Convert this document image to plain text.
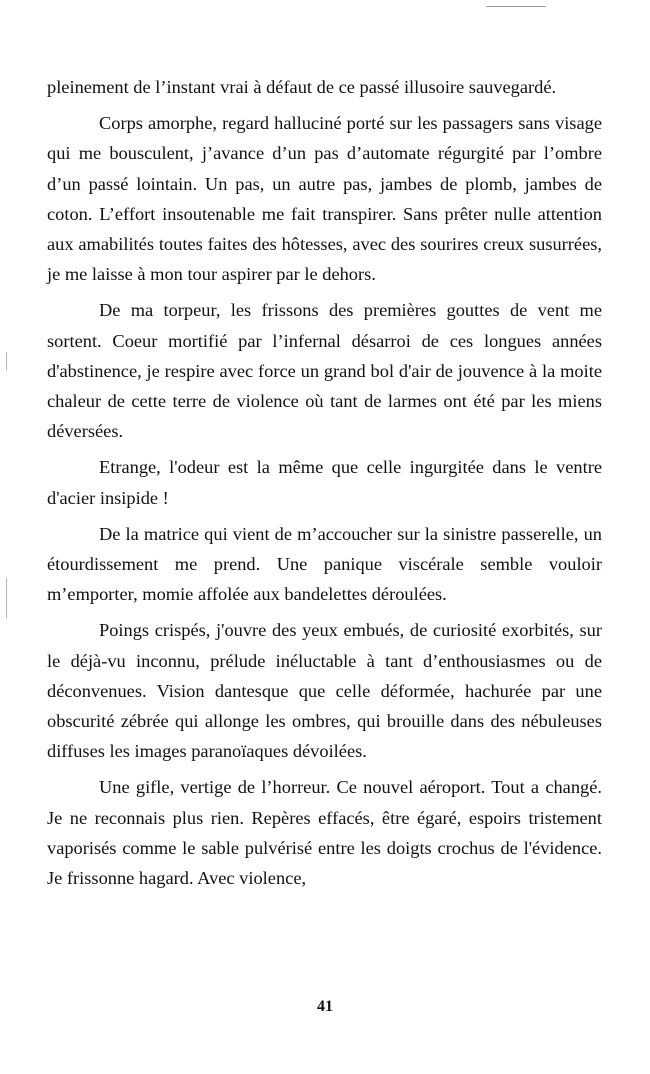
pleinement de l’instant vrai à défaut de ce passé illusoire sauvegardé.

Corps amorphe, regard halluciné porté sur les passagers sans visage qui me bousculent, j’avance d’un pas d’automate régurgité par l’ombre d’un passé lointain. Un pas, un autre pas, jambes de plomb, jambes de coton. L’effort insoutenable me fait transpirer. Sans prêter nulle attention aux amabilités toutes faites des hôtesses, avec des sourires creux susurrées, je me laisse à mon tour aspirer par le dehors.

De ma torpeur, les frissons des premières gouttes de vent me sortent. Coeur mortifié par l’infernal désarroi de ces longues années d'abstinence, je respire avec force un grand bol d'air de jouvence à la moite chaleur de cette terre de violence où tant de larmes ont été par les miens déversées.

Etrange, l'odeur est la même que celle ingurgitée dans le ventre d'acier insipide !

De la matrice qui vient de m’accoucher sur la sinistre passerelle, un étourdissement me prend. Une panique viscérale semble vouloir m’emporter, momie affolée aux bandelettes déroulées.

Poings crispés, j'ouvre des yeux embués, de curiosité exorbités, sur le déjà-vu inconnu, prélude inéluctable à tant d’enthousiasmes ou de déconvenues. Vision dantesque que celle déformée, hachurée par une obscurité zébrée qui allonge les ombres, qui brouille dans des nébuleuses diffuses les images paranoïaques dévoilées.

Une gifle, vertige de l’horreur. Ce nouvel aéroport. Tout a changé. Je ne reconnais plus rien. Repères effacés, être égaré, espoirs tristement vaporisés comme le sable pulvérisé entre les doigts crochus de l'évidence. Je frissonne hagard. Avec violence,

41
